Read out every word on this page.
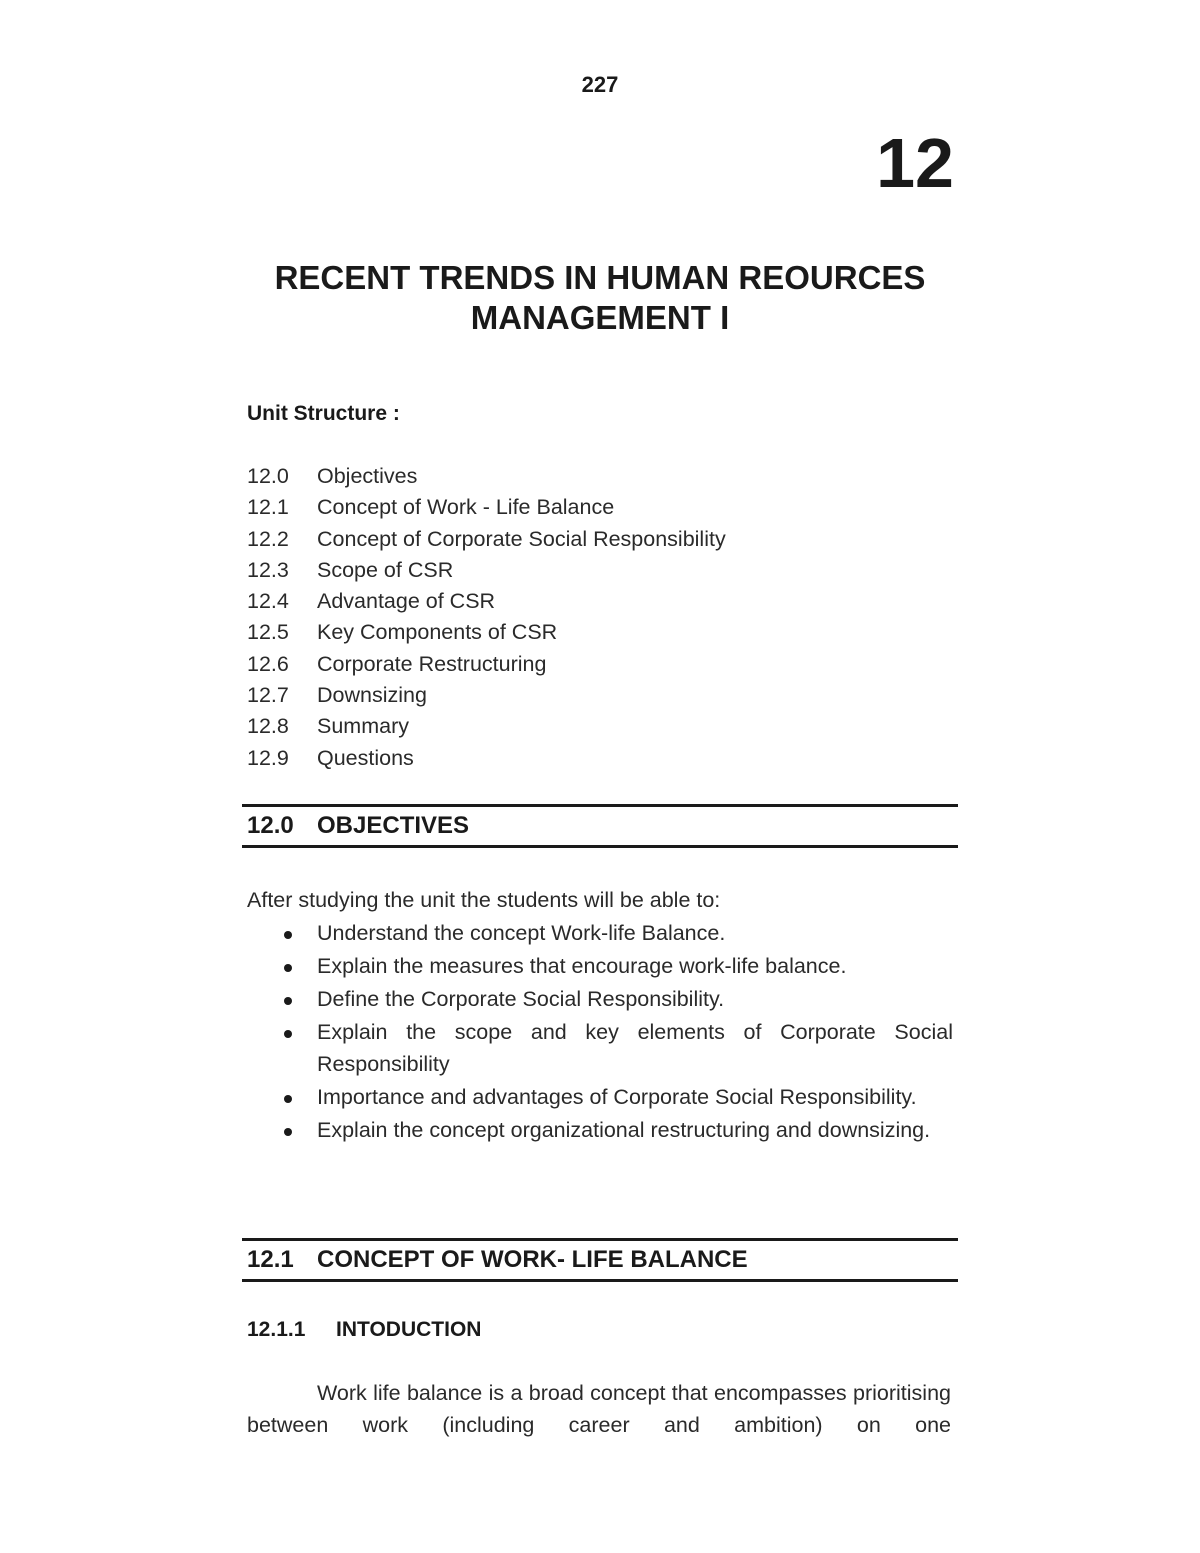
227
12
RECENT TRENDS IN HUMAN REOURCES MANAGEMENT I
Unit Structure :
12.0	Objectives
12.1	Concept of Work - Life Balance
12.2	Concept of Corporate Social Responsibility
12.3	Scope of CSR
12.4	Advantage of CSR
12.5	Key Components of CSR
12.6	Corporate Restructuring
12.7	Downsizing
12.8	Summary
12.9	Questions
12.0 OBJECTIVES
After studying the unit the students will be able to:
Understand the concept Work-life Balance.
Explain the measures that encourage work-life balance.
Define the Corporate Social Responsibility.
Explain the scope and key elements of Corporate Social Responsibility
Importance and advantages of Corporate Social Responsibility.
Explain the concept organizational restructuring and downsizing.
12.1 CONCEPT OF WORK- LIFE BALANCE
12.1.1	INTODUCTION
Work life balance is a broad concept that encompasses prioritising between work (including career and ambition) on one
